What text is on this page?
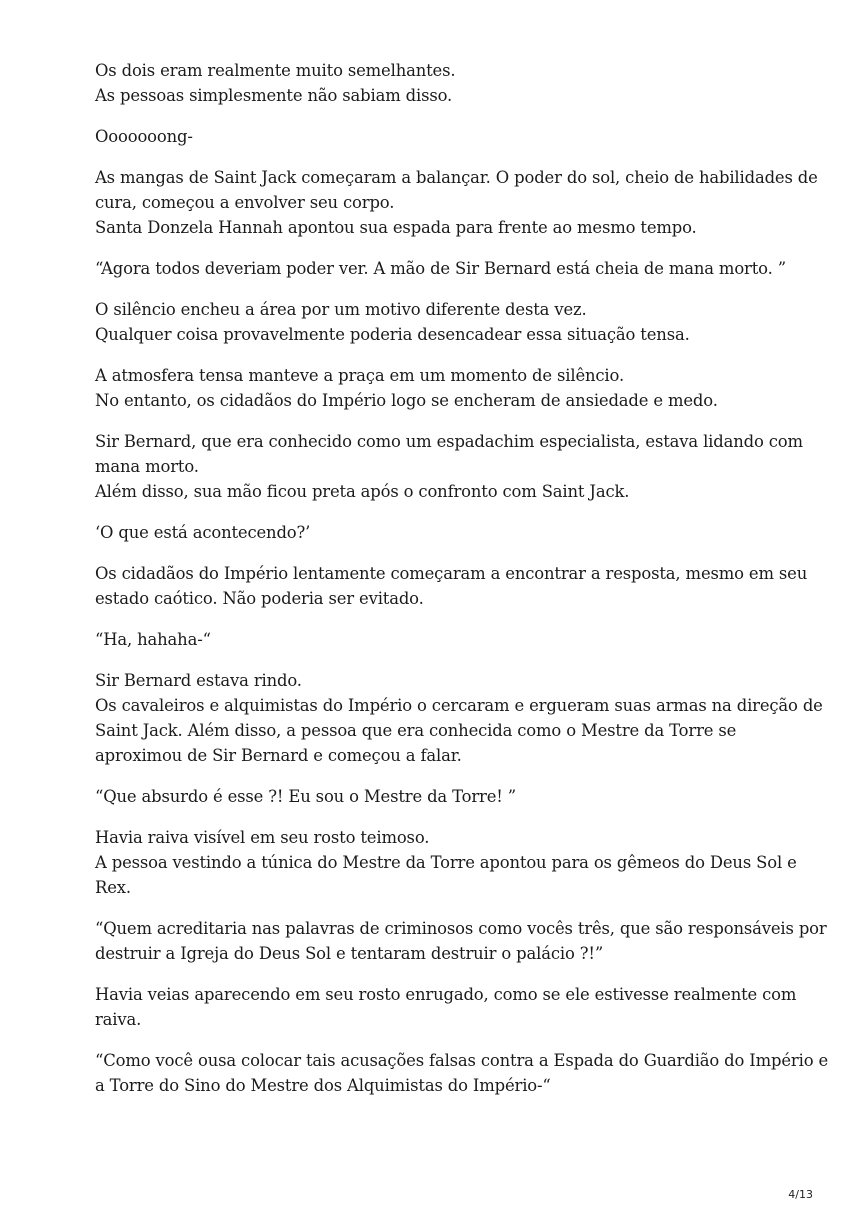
Os dois eram realmente muito semelhantes.
As pessoas simplesmente não sabiam disso.

Ooooooong-

As mangas de Saint Jack começaram a balançar. O poder do sol, cheio de habilidades de
cura, começou a envolver seu corpo.
Santa Donzela Hannah apontou sua espada para frente ao mesmo tempo.

“Agora todos deveriam poder ver. A mão de Sir Bernard está cheia de mana morto. ”

O silêncio encheu a área por um motivo diferente desta vez.
Qualquer coisa provavelmente poderia desencadear essa situação tensa.

A atmosfera tensa manteve a praça em um momento de silêncio.
No entanto, os cidadãos do Império logo se encheram de ansiedade e medo.

Sir Bernard, que era conhecido como um espadachim especialista, estava lidando com
mana morto.
Além disso, sua mão ficou preta após o confronto com Saint Jack.

‘O que está acontecendo?’

Os cidadãos do Império lentamente começaram a encontrar a resposta, mesmo em seu
estado caótico. Não poderia ser evitado.

“Ha, hahaha-“

Sir Bernard estava rindo.
Os cavaleiros e alquimistas do Império o cercaram e ergueram suas armas na direção de
Saint Jack. Além disso, a pessoa que era conhecida como o Mestre da Torre se
aproximou de Sir Bernard e começou a falar.

“Que absurdo é esse ?! Eu sou o Mestre da Torre! ”

Havia raiva visível em seu rosto teimoso.
A pessoa vestindo a túnica do Mestre da Torre apontou para os gêmeos do Deus Sol e
Rex.

“Quem acreditaria nas palavras de criminosos como vocês três, que são responsáveis por
destruir a Igreja do Deus Sol e tentaram destruir o palácio ?!”

Havia veias aparecendo em seu rosto enrugado, como se ele estivesse realmente com
raiva.

“Como você ousa colocar tais acusações falsas contra a Espada do Guardião do Império e
a Torre do Sino do Mestre dos Alquimistas do Império-“

4/13
